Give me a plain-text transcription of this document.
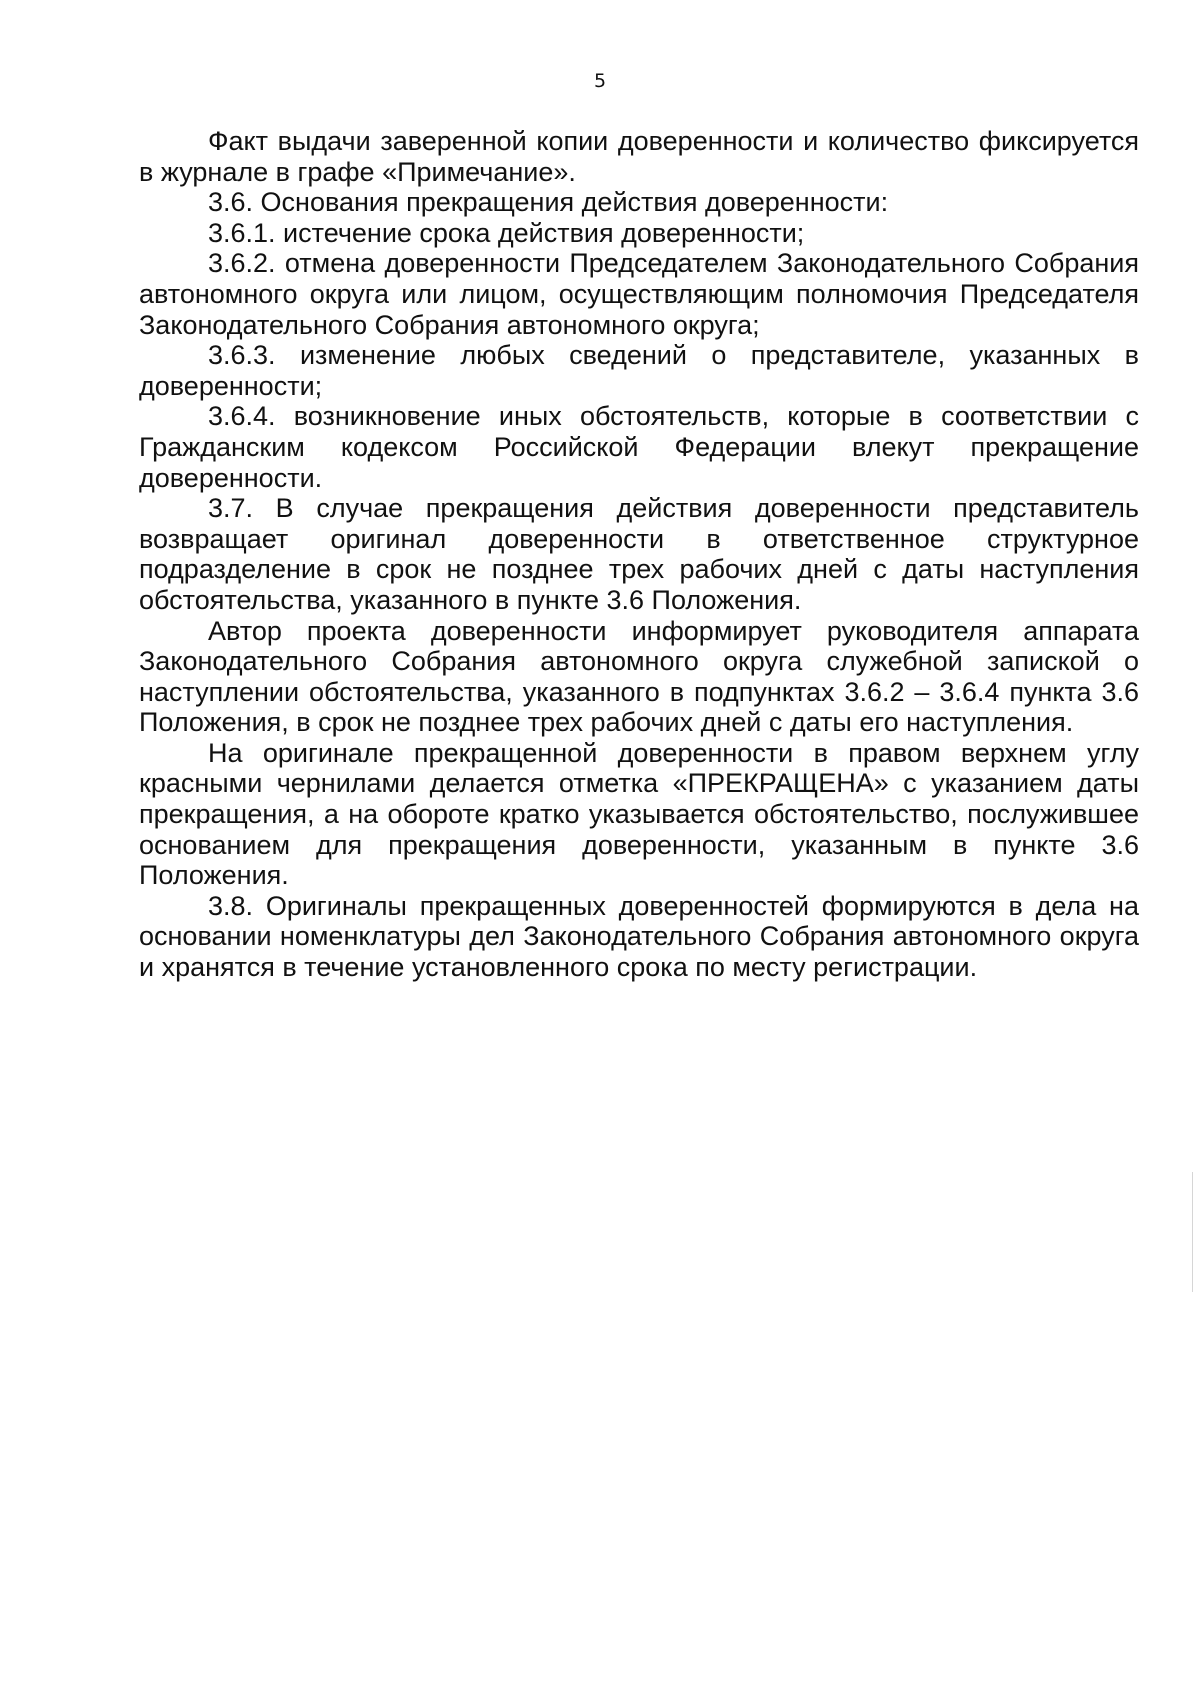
5

Факт выдачи заверенной копии доверенности и количество фиксируется в журнале в графе «Примечание».

3.6. Основания прекращения действия доверенности:

3.6.1. истечение срока действия доверенности;

3.6.2. отмена доверенности Председателем Законодательного Собрания автономного округа или лицом, осуществляющим полномочия Председателя Законодательного Собрания автономного округа;

3.6.3. изменение любых сведений о представителе, указанных в доверенности;

3.6.4. возникновение иных обстоятельств, которые в соответствии с Гражданским кодексом Российской Федерации влекут прекращение доверенности.

3.7. В случае прекращения действия доверенности представитель возвращает оригинал доверенности в ответственное структурное подразделение в срок не позднее трех рабочих дней с даты наступления обстоятельства, указанного в пункте 3.6 Положения.

Автор проекта доверенности информирует руководителя аппарата Законодательного Собрания автономного округа служебной запиской о наступлении обстоятельства, указанного в подпунктах 3.6.2 – 3.6.4 пункта 3.6 Положения, в срок не позднее трех рабочих дней с даты его наступления.

На оригинале прекращенной доверенности в правом верхнем углу красными чернилами делается отметка «ПРЕКРАЩЕНА» с указанием даты прекращения, а на обороте кратко указывается обстоятельство, послужившее основанием для прекращения доверенности, указанным в пункте 3.6 Положения.

3.8. Оригиналы прекращенных доверенностей формируются в дела на основании номенклатуры дел Законодательного Собрания автономного округа и хранятся в течение установленного срока по месту регистрации.
